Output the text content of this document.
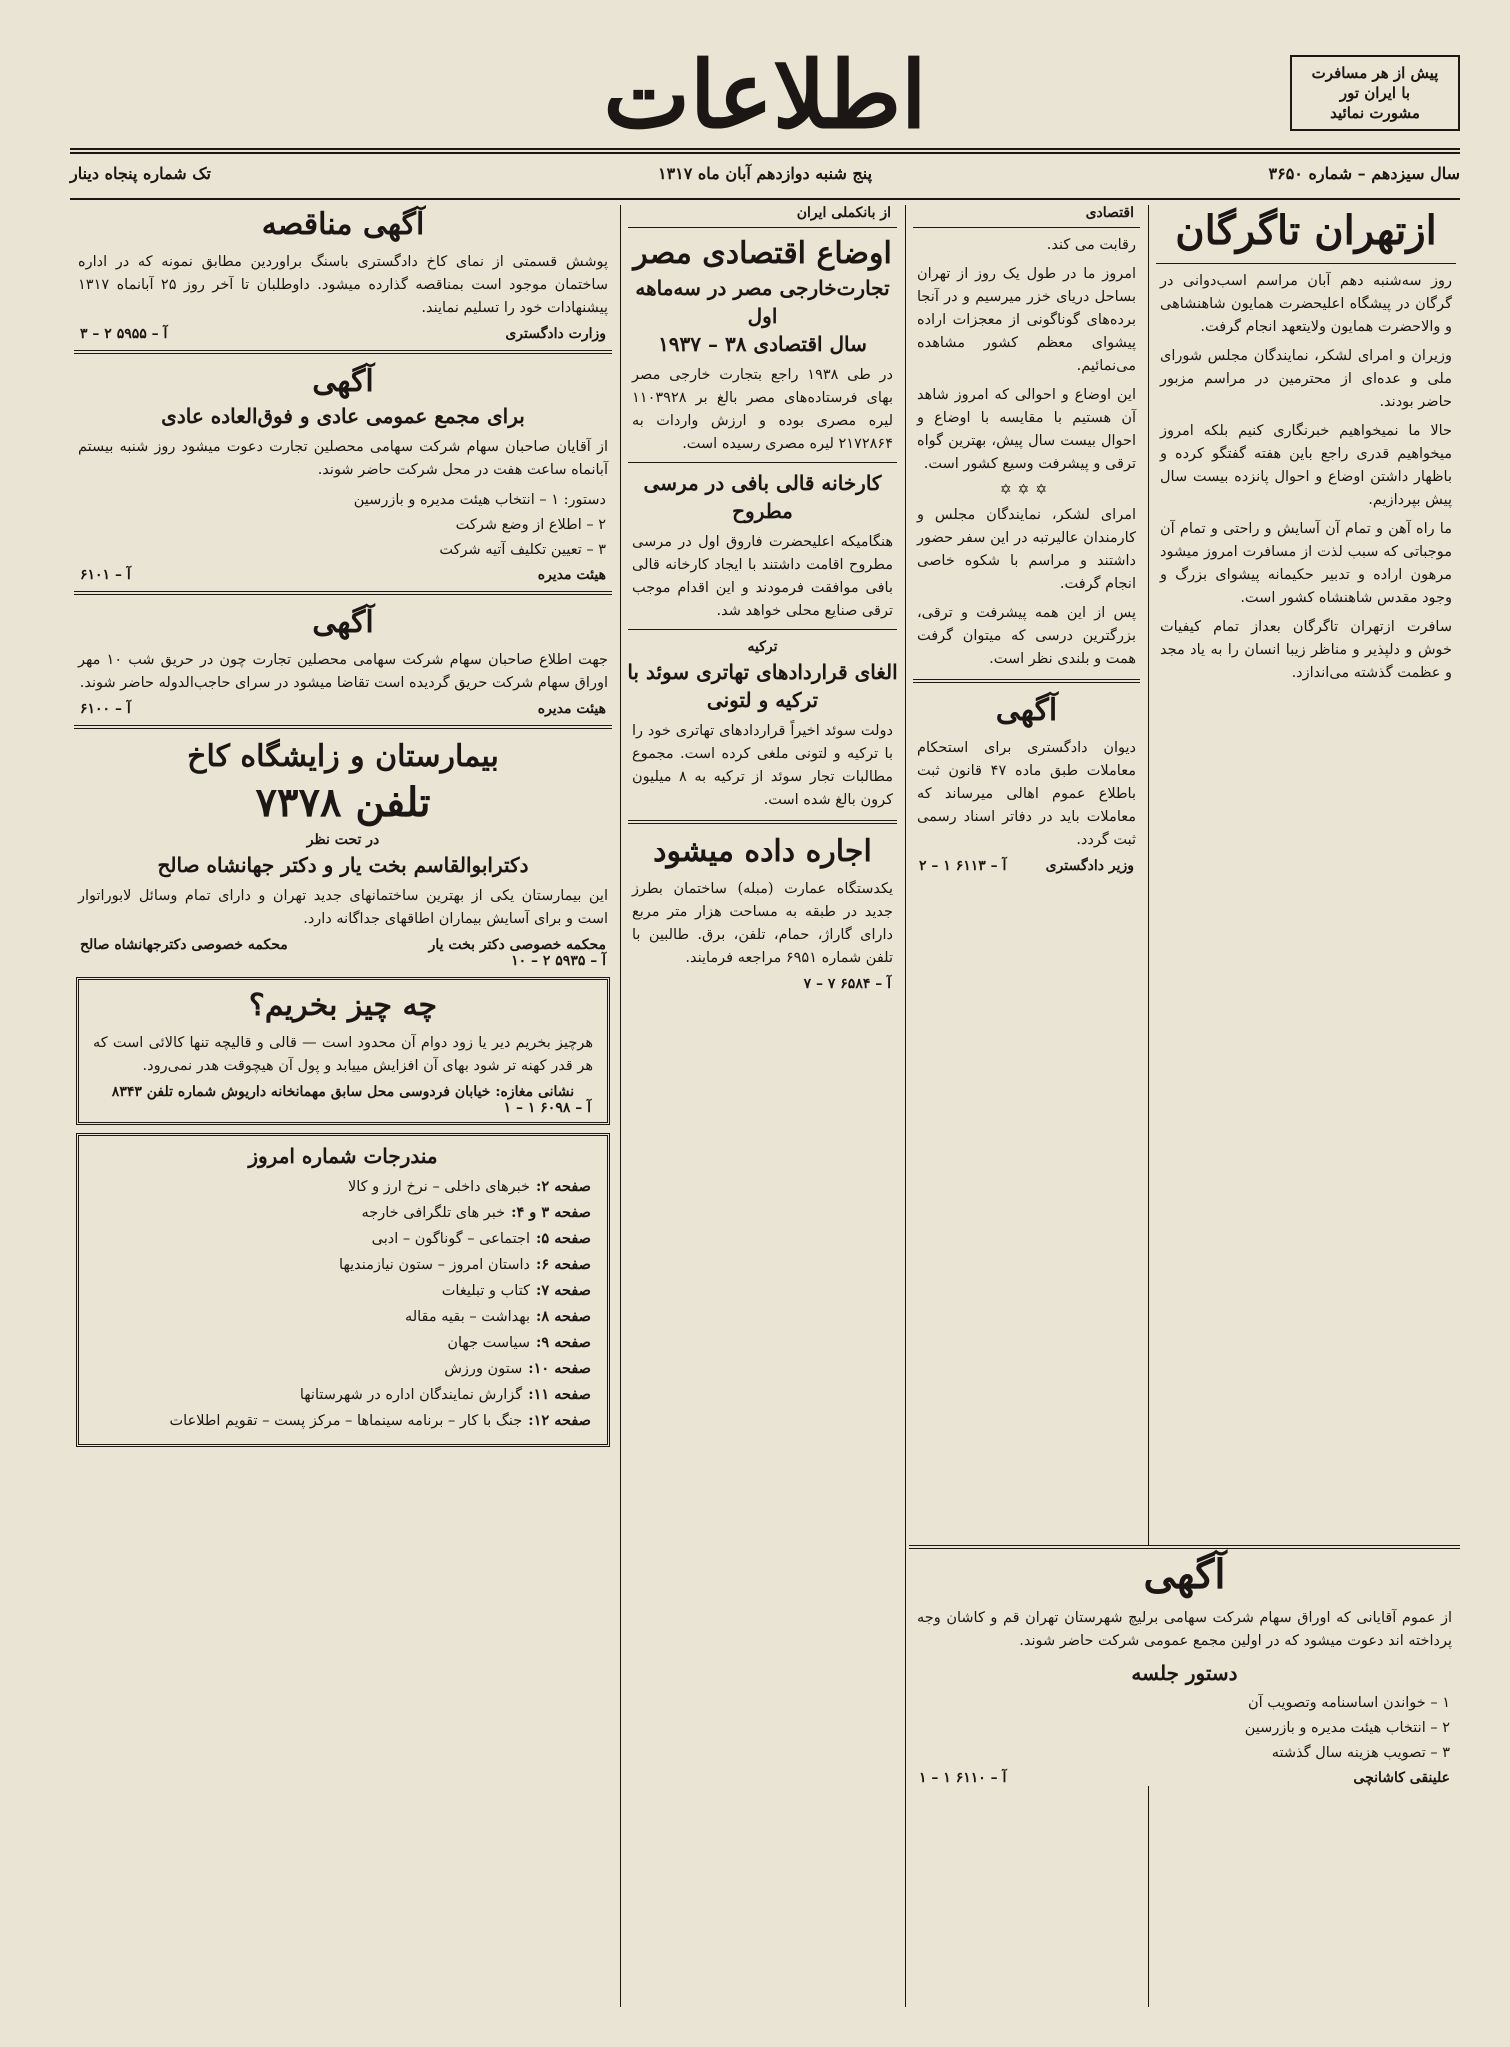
اطلاعات	پیش از هر مسافرت
با ایران تور
مشورت نمائید
سال سیزدهم – شماره ۳۶۵۰
پنج شنبه دوازدهم آبان ماه ۱۳۱۷
تک شماره پنجاه دینار
ازتهران تاگرگان

روز سه‌شنبه دهم آبان مراسم اسب‌دوانی در گرگان در پیشگاه اعلیحضرت همایون شاهنشاهی و والاحضرت همایون ولایتعهد انجام گرفت.

وزیران و امرای لشکر، نمایندگان مجلس شورای ملی و عده‌ای از محترمین در مراسم مزبور حاضر بودند.

حالا ما نمیخواهیم خبرنگاری کنیم بلکه امروز میخواهیم قدری راجع باین هفته گفتگو کرده و باظهار داشتن اوضاع و احوال پانزده بیست سال پیش بپردازیم.

ما راه آهن و تمام آن آسایش و راحتی و تمام آن موجباتی که سبب لذت از مسافرت امروز میشود مرهون اراده و تدبیر حکیمانه پیشوای بزرگ و وجود مقدس شاهنشاه کشور است.

سافرت ازتهران تاگرگان بعداز تمام کیفیات خوش و دلپذیر و مناظر زیبا انسان را به یاد مجد و عظمت گذشته می‌اندازد.

اقتصادی

رقابت می کند.

امروز ما در طول یک روز از تهران بساحل دریای خزر میرسیم و در آنجا برده‌های گوناگونی از معجزات اراده پیشوای معظم کشور مشاهده می‌نمائیم.

این اوضاع و احوالی که امروز شاهد آن هستیم با مقایسه با اوضاع و احوال بیست سال پیش، بهترین گواه ترقی و پیشرفت وسیع کشور است.

✡✡✡

امرای لشکر، نمایندگان مجلس و کارمندان عالیرتبه در این سفر حضور داشتند و مراسم با شکوه خاصی انجام گرفت.

پس از این همه پیشرفت و ترقی، بزرگترین درسی که میتوان گرفت همت و بلندی نظر است.

آگهی

دیوان دادگستری برای استحکام معاملات طبق ماده ۴۷ قانون ثبت باطلاع عموم اهالی میرساند که معاملات باید در دفاتر اسناد رسمی ثبت گردد.

وزیر دادگستری
آ – ۶۱۱۳ ۱ – ۲
از بانکملی ایران
اوضاع اقتصادی مصر
تجارت‌خارجی مصر در سه‌ماهه اول
سال اقتصادی ۳۸ – ۱۹۳۷

در طی ۱۹۳۸ راجع بتجارت خارجی مصر بهای فرستاده‌های مصر بالغ بر ۱۱۰۳۹۲۸ لیره مصری بوده و ارزش واردات به ۲۱۷۲۸۶۴ لیره مصری رسیده است.

کارخانه قالی بافی در مرسی مطروح

هنگامیکه اعلیحضرت فاروق اول در مرسی مطروح اقامت داشتند با ایجاد کارخانه قالی بافی موافقت فرمودند و این اقدام موجب ترقی صنایع محلی خواهد شد.

ترکیه
الغای قراردادهای تهاتری سوئد با ترکیه و لتونی

دولت سوئد اخیراً قراردادهای تهاتری خود را با ترکیه و لتونی ملغی کرده است. مجموع مطالبات تجار سوئد از ترکیه به ۸ میلیون کرون بالغ شده است.

اجاره داده میشود

یکدستگاه عمارت (مبله) ساختمان بطرز جدید در طبقه به مساحت هزار متر مربع دارای گاراژ، حمام، تلفن، برق. طالبین با تلفن شماره ۶۹۵۱ مراجعه فرمایند.

آ – ۶۵۸۴ ۷ – ۷
آگهی مناقصه

پوشش قسمتی از نمای کاخ دادگستری باسنگ براوردین مطابق نمونه که در اداره ساختمان موجود است بمناقصه گذارده میشود. داوطلبان تا آخر روز ۲۵ آبانماه ۱۳۱۷ پیشنهادات خود را تسلیم نمایند.

وزارت دادگستری
آ – ۵۹۵۵ ۲ – ۳
آگهی
برای مجمع عمومی عادی و فوق‌العاده عادی

از آقایان صاحبان سهام شرکت سهامی محصلین تجارت دعوت میشود روز شنبه بیستم آبانماه ساعت هفت در محل شرکت حاضر شوند.

دستور: ۱ – انتخاب هیئت مدیره و بازرسین
۲ – اطلاع از وضع شرکت
۳ – تعیین تکلیف آتیه شرکت
هیئت مدیره
آ – ۶۱۰۱
آگهی

جهت اطلاع صاحبان سهام شرکت سهامی محصلین تجارت چون در حریق شب ۱۰ مهر اوراق سهام شرکت حریق گردیده است تقاضا میشود در سرای حاجب‌الدوله حاضر شوند.

هیئت مدیره
آ – ۶۱۰۰
بیمارستان و زایشگاه کاخ
تلفن ۷۳۷۸
در تحت نظر
دکترابوالقاسم بخت یار و دکتر جهانشاه صالح

این بیمارستان یکی از بهترین ساختمانهای جدید تهران و دارای تمام وسائل لابوراتوار است و برای آسایش بیماران اطاقهای جداگانه دارد.

محکمه خصوصی دکتر بخت یار
محکمه خصوصی دکترجهانشاه صالح
آ – ۵۹۳۵ ۲ – ۱۰
چه چیز بخریم؟

هرچیز بخریم دیر یا زود دوام آن محدود است — قالی و قالیچه تنها کالائی است که هر قدر کهنه تر شود بهای آن افزایش مییابد و پول آن هیچوقت هدر نمی‌رود.

نشانی مغازه: خیابان فردوسی محل سابق مهمانخانه داریوش شماره تلفن ۸۳۴۳
آ – ۶۰۹۸ ۱ – ۱
مندرجات شماره امروز
صفحه ۲:خبرهای داخلی – نرخ ارز و کالا
صفحه ۳ و ۴:خبر های تلگرافی خارجه
صفحه ۵:اجتماعی – گوناگون – ادبی
صفحه ۶:داستان امروز – ستون نیازمندیها
صفحه ۷:کتاب و تبلیغات
صفحه ۸:بهداشت – بقیه مقاله
صفحه ۹:سیاست جهان
صفحه ۱۰:ستون ورزش
صفحه ۱۱:گزارش نمایندگان اداره در شهرستانها
صفحه ۱۲:جنگ با کار – برنامه سینماها – مرکز پست – تقویم اطلاعات
آگهی

از عموم آقایانی که اوراق سهام شرکت سهامی برلیچ شهرستان تهران قم و کاشان وجه پرداخته اند دعوت میشود که در اولین مجمع عمومی شرکت حاضر شوند.

دستور جلسه
۱ – خواندن اساسنامه وتصویب آن
۲ – انتخاب هیئت مدیره و بازرسین
۳ – تصویب هزینه سال گذشته
علینقی کاشانچی
آ – ۶۱۱۰ ۱ – ۱
